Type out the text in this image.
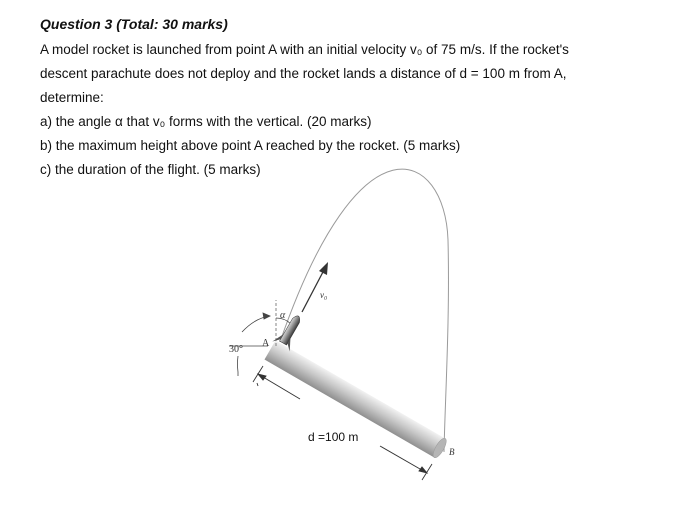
Question 3 (Total: 30 marks)

A model rocket is launched from point A with an initial velocity v₀ of 75 m/s. If the rocket's

descent parachute does not deploy and the rocket lands a distance of d = 100 m from A,

determine:

a) the angle α that v₀ forms with the vertical. (20 marks)

b) the maximum height above point A reached by the rocket. (5 marks)

c) the duration of the flight. (5 marks)

v₀
α
30°
A
B
d =100 m
